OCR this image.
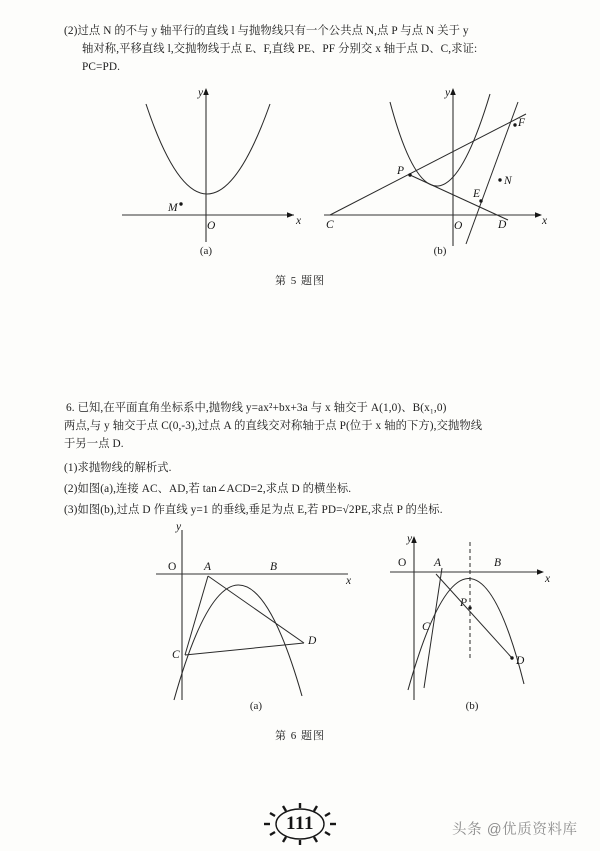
(2)过点 N 的不与 y 轴平行的直线 l 与抛物线只有一个公共点 N,点 P 与点 N 关于 y
轴对称,平移直线 l,交抛物线于点 E、F,直线 PE、PF 分别交 x 轴于点 D、C,求证:
PC=PD.
M
O	x
y
(a)
P
E
N
F
C	D
O	x
y
(b)
第 5 题图
6. 已知,在平面直角坐标系中,抛物线 y=ax²+bx+3a 与 x 轴交于 A(1,0)、B(x₁,0)
两点,与 y 轴交于点 C(0,-3),过点 A 的直线交对称轴于点 P(位于 x 轴的下方),交抛物线
于另一点 D.
(1)求抛物线的解析式.
(2)如图(a),连接 AC、AD,若 tan∠ACD=2,求点 D 的横坐标.
(3)如图(b),过点 D 作直线 y=1 的垂线,垂足为点 E,若 PD=√2PE,求点 P 的坐标.
O A	B
C
D
x
y
(a)
O A	B
C
P
D
x
y
(b)
第 6 题图
111	头条 @优质资料库
